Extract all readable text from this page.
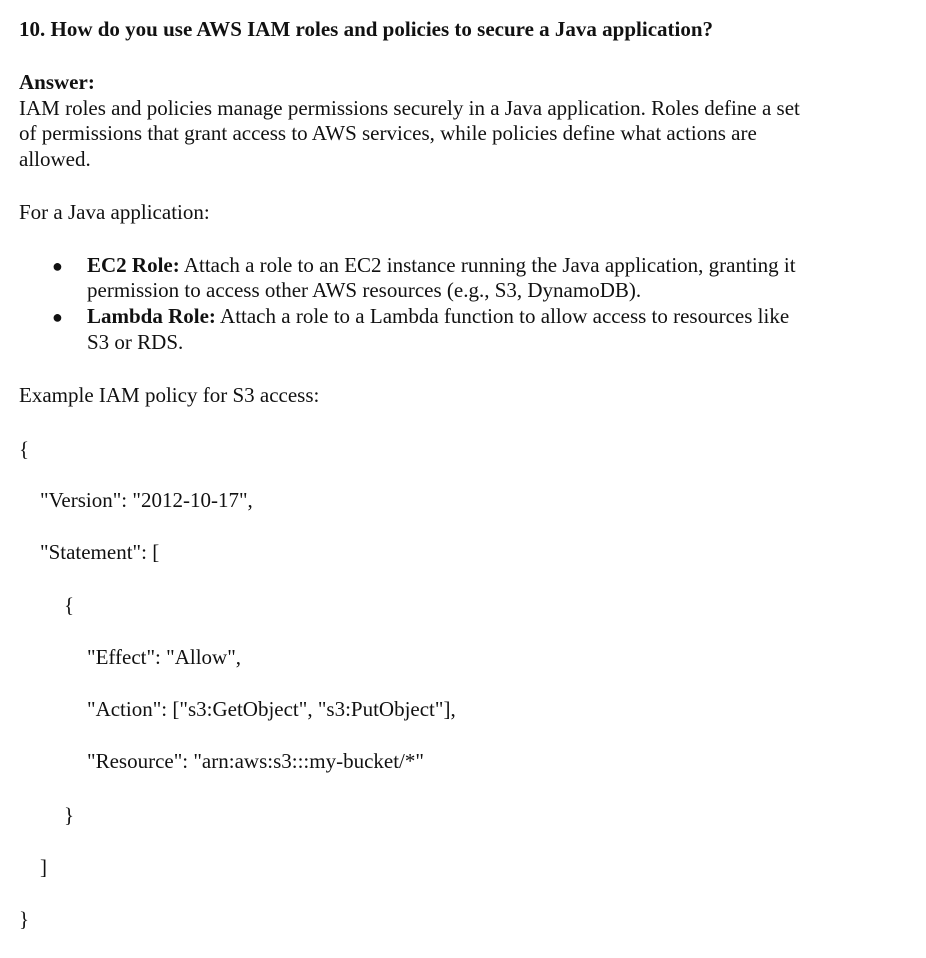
10. How do you use AWS IAM roles and policies to secure a Java application?
Answer:
IAM roles and policies manage permissions securely in a Java application. Roles define a set
of permissions that grant access to AWS services, while policies define what actions are
allowed.
For a Java application:
● EC2 Role: Attach a role to an EC2 instance running the Java application, granting it
permission to access other AWS resources (e.g., S3, DynamoDB).
● Lambda Role: Attach a role to a Lambda function to allow access to resources like
S3 or RDS.
Example IAM policy for S3 access:
{
"Version": "2012-10-17",
"Statement": [
{
"Effect": "Allow",
"Action": ["s3:GetObject", "s3:PutObject"],
"Resource": "arn:aws:s3:::my-bucket/*"
}
]
}
